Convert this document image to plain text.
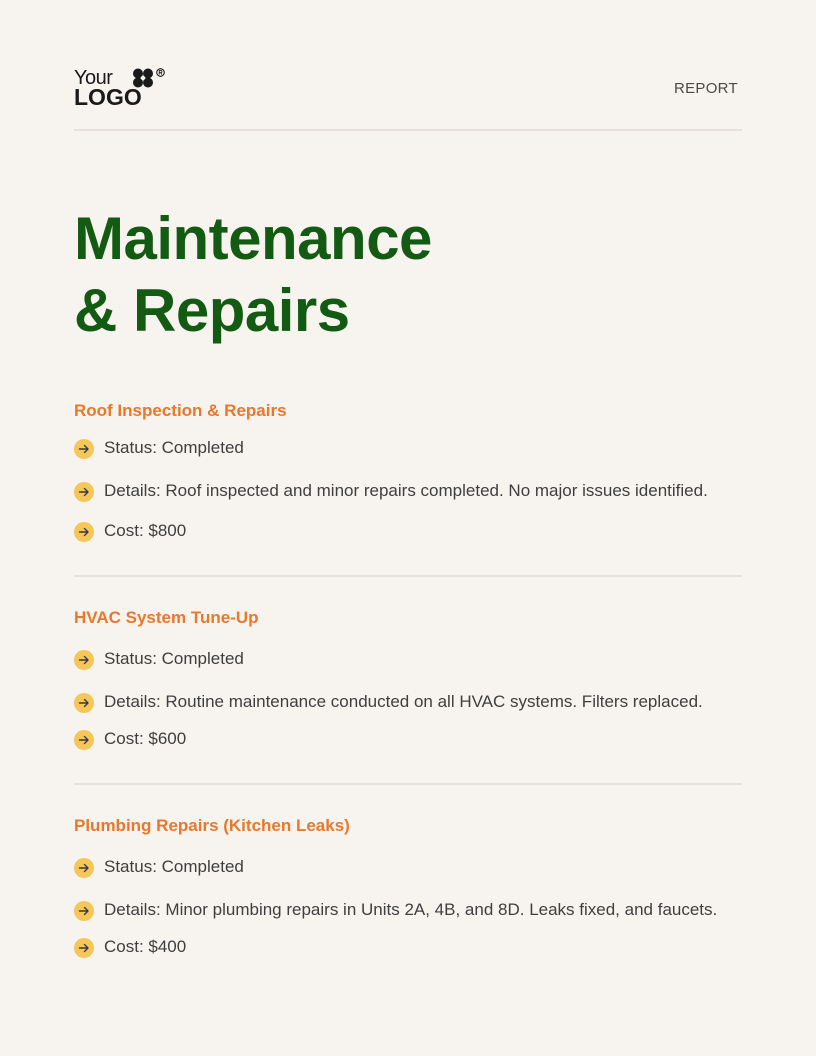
Your
LOGO	REPORT
Maintenance
& Repairs
Roof Inspection & Repairs
Status: Completed
Details: Roof inspected and minor repairs completed. No major issues identified.
Cost: $800
HVAC System Tune-Up
Status: Completed
Details: Routine maintenance conducted on all HVAC systems. Filters replaced.
Cost: $600
Plumbing Repairs (Kitchen Leaks)
Status: Completed
Details: Minor plumbing repairs in Units 2A, 4B, and 8D. Leaks fixed, and faucets.
Cost: $400
